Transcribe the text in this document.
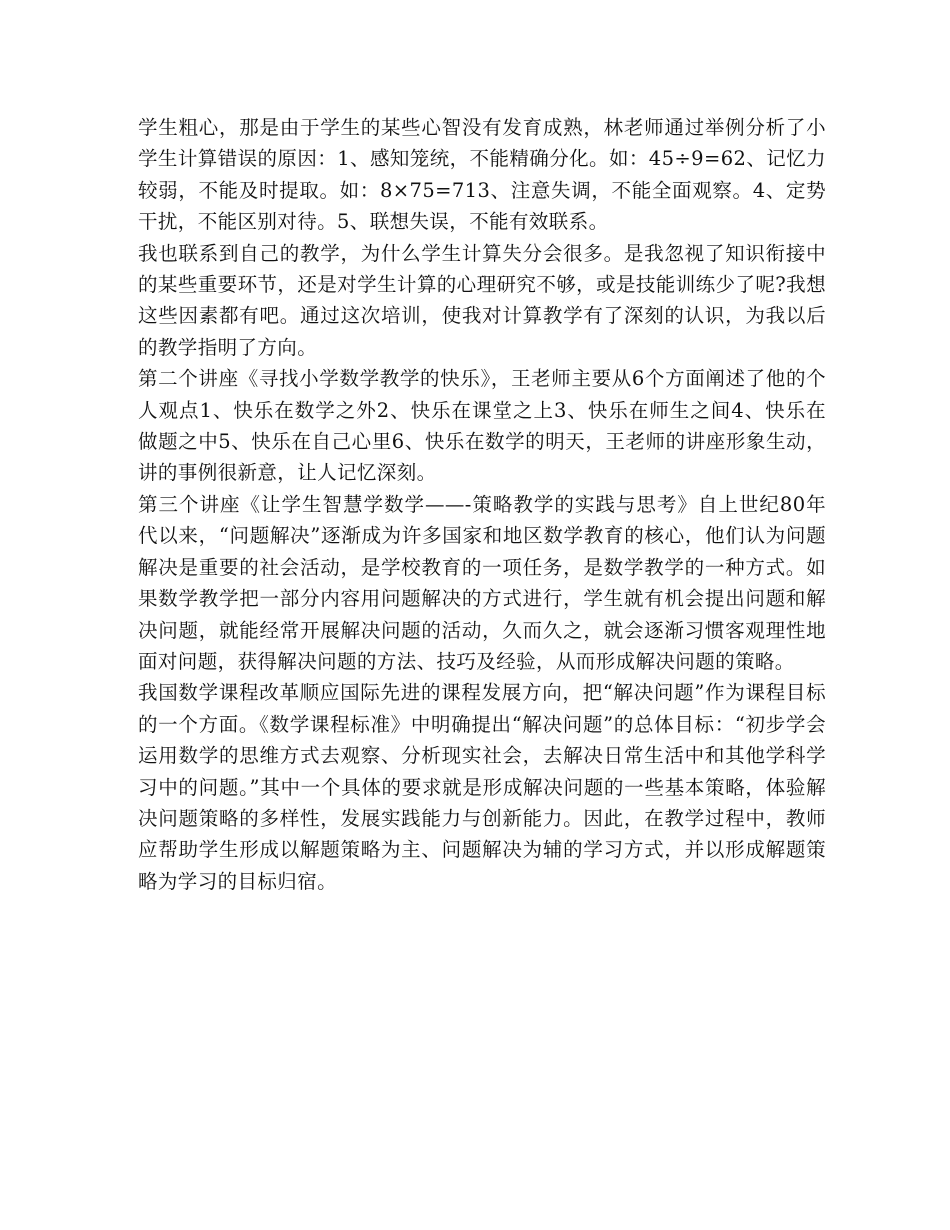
学生粗心，那是由于学生的某些心智没有发育成熟，林老师通过举例分析了小学生计算错误的原因：1、感知笼统，不能精确分化。如：45÷9=62、记忆力较弱，不能及时提取。如：8×75=713、注意失调，不能全面观察。4、定势干扰，不能区别对待。5、联想失误，不能有效联系。

我也联系到自己的教学，为什么学生计算失分会很多。是我忽视了知识衔接中的某些重要环节，还是对学生计算的心理研究不够，或是技能训练少了呢?我想这些因素都有吧。通过这次培训，使我对计算教学有了深刻的认识，为我以后的教学指明了方向。

第二个讲座《寻找小学数学教学的快乐》，王老师主要从6个方面阐述了他的个人观点1、快乐在数学之外2、快乐在课堂之上3、快乐在师生之间4、快乐在做题之中5、快乐在自己心里6、快乐在数学的明天，王老师的讲座形象生动，讲的事例很新意，让人记忆深刻。

第三个讲座《让学生智慧学数学——-策略教学的实践与思考》自上世纪80年代以来，“问题解决”逐渐成为许多国家和地区数学教育的核心，他们认为问题解决是重要的社会活动，是学校教育的一项任务，是数学教学的一种方式。如果数学教学把一部分内容用问题解决的方式进行，学生就有机会提出问题和解决问题，就能经常开展解决问题的活动，久而久之，就会逐渐习惯客观理性地面对问题，获得解决问题的方法、技巧及经验，从而形成解决问题的策略。

我国数学课程改革顺应国际先进的课程发展方向，把“解决问题”作为课程目标的一个方面。《数学课程标准》中明确提出“解决问题”的总体目标：“初步学会运用数学的思维方式去观察、分析现实社会，去解决日常生活中和其他学科学习中的问题。”其中一个具体的要求就是形成解决问题的一些基本策略，体验解决问题策略的多样性，发展实践能力与创新能力。因此，在教学过程中，教师应帮助学生形成以解题策略为主、问题解决为辅的学习方式，并以形成解题策略为学习的目标归宿。
